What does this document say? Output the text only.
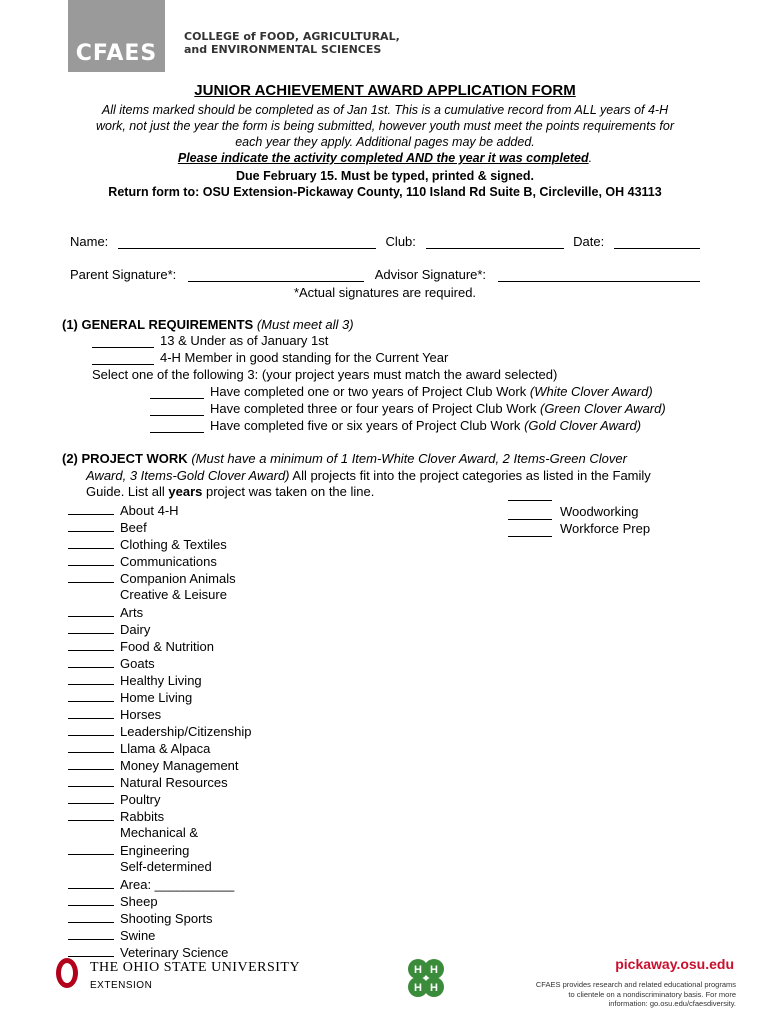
CFAES
COLLEGE of FOOD, AGRICULTURAL,
and ENVIRONMENTAL SCIENCES
JUNIOR ACHIEVEMENT AWARD APPLICATION FORM
All items marked should be completed as of Jan 1st. This is a cumulative record from ALL years of 4-H
work, not just the year the form is being submitted, however youth must meet the points requirements for
each year they apply. Additional pages may be added.
Please indicate the activity completed AND the year it was completed.
Due February 15. Must be typed, printed & signed.
Return form to: OSU Extension-Pickaway County, 110 Island Rd Suite B, Circleville, OH 43113
Name:	Club:	Date:
Parent Signature*:	Advisor Signature*:
*Actual signatures are required.
(1) GENERAL REQUIREMENTS (Must meet all 3)
13 & Under as of January 1st
4-H Member in good standing for the Current Year
Select one of the following 3: (your project years must match the award selected)
Have completed one or two years of Project Club Work (White Clover Award)
Have completed three or four years of Project Club Work (Green Clover Award)
Have completed five or six years of Project Club Work (Gold Clover Award)
(2) PROJECT WORK (Must have a minimum of 1 Item-White Clover Award, 2 Items-Green Clover
Award, 3 Items-Gold Clover Award) All projects fit into the project categories as listed in the Family
Guide. List all years project was taken on the line.
About 4-H
Beef
Clothing & Textiles
Communications
Companion Animals
Creative & Leisure
Arts
Dairy
Food & Nutrition
Goats
Healthy Living
Home Living
Horses
Leadership/Citizenship
Llama & Alpaca
Money Management
Natural Resources
Poultry
Rabbits
Mechanical &
Engineering
Self-determined
Area: ___________
Sheep
Shooting Sports
Swine
Veterinary Science
Woodworking
Workforce Prep
THE OHIO STATE UNIVERSITY
EXTENSION
H H
H H
pickaway.osu.edu
CFAES provides research and related educational programs
to clientele on a nondiscriminatory basis. For more
information: go.osu.edu/cfaesdiversity.
